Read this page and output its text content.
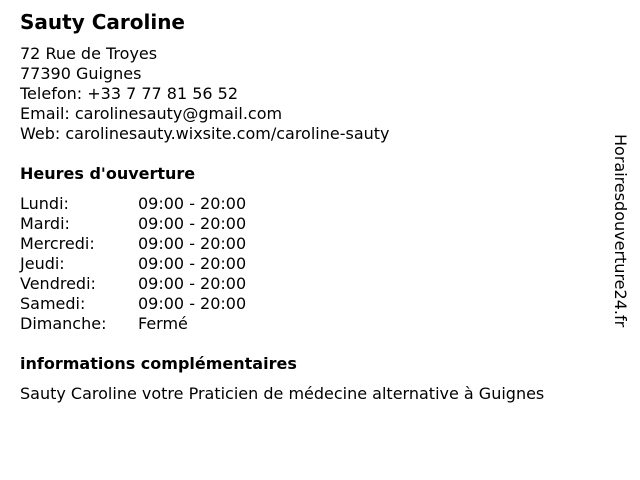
Sauty Caroline
72 Rue de Troyes
77390 Guignes
Telefon: +33 7 77 81 56 52
Email: carolinesauty@gmail.com
Web: carolinesauty.wixsite.com/caroline-sauty
Heures d'ouverture
Lundi:	09:00 - 20:00
Mardi:	09:00 - 20:00
Mercredi:	09:00 - 20:00
Jeudi:	09:00 - 20:00
Vendredi:	09:00 - 20:00
Samedi:	09:00 - 20:00
Dimanche:	Fermé
informations complémentaires
Sauty Caroline votre Praticien de médecine alternative à Guignes
Horairesdouverture24.fr
